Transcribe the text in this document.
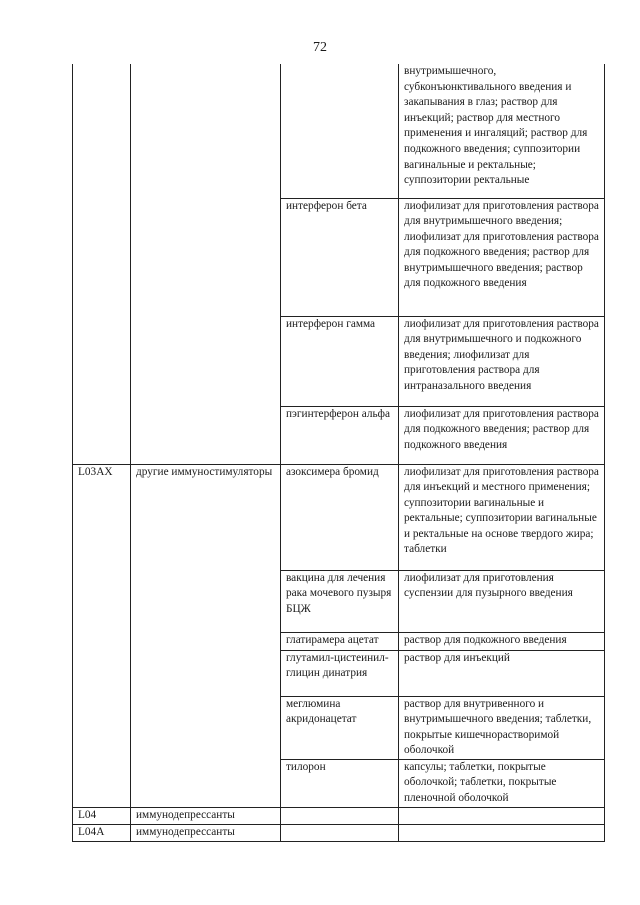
72
			внутримышечного, субконъюнктивального введения и закапывания в глаз; раствор для инъекций; раствор для местного применения и ингаляций; раствор для подкожного введения; суппозитории вагинальные и ректальные; суппозитории ректальные
		интерферон бета	лиофилизат для приготовления раствора для внутримышечного введения; лиофилизат для приготовления раствора для подкожного введения; раствор для внутримышечного введения; раствор для подкожного введения
		интерферон гамма	лиофилизат для приготовления раствора для внутримышечного и подкожного введения; лиофилизат для приготовления раствора для интраназального введения
		пэгинтерферон альфа	лиофилизат для приготовления раствора для подкожного введения; раствор для подкожного введения
L03AX	другие иммуностимуляторы	азоксимера бромид	лиофилизат для приготовления раствора для инъекций и местного применения; суппозитории вагинальные и ректальные; суппозитории вагинальные и ректальные на основе твердого жира; таблетки
		вакцина для лечения рака мочевого пузыря БЦЖ	лиофилизат для приготовления суспензии для пузырного введения
		глатирамера ацетат	раствор для подкожного введения
		глутамил-цистеинил-глицин динатрия	раствор для инъекций
		меглюмина акридонацетат	раствор для внутривенного и внутримышечного введения; таблетки, покрытые кишечнорастворимой оболочкой
		тилорон	капсулы; таблетки, покрытые оболочкой; таблетки, покрытые пленочной оболочкой
L04	иммунодепрессанты		
L04A	иммунодепрессанты		
